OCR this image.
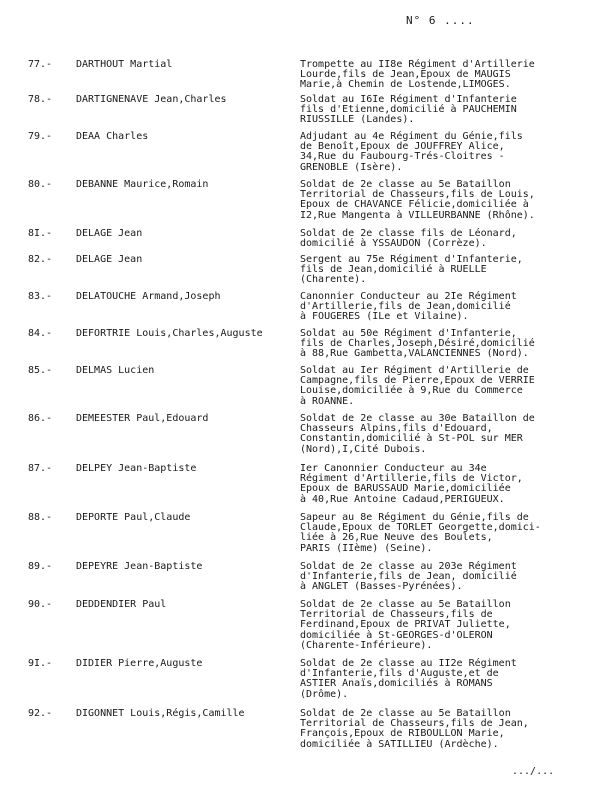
N° 6 ....
77.-	DARTHOUT Martial	Trompette au II8e Régiment d'Artillerie
Lourde,fils de Jean,Epoux de MAUGIS
Marie,à Chemin de Lostende,LIMOGES.
78.-	DARTIGNENAVE Jean,Charles	Soldat au I6Ie Régiment d'Infanterie
fils d'Etienne,domicilié à PAUCHEMIN
RIUSSILLE (Landes).
79.-	DEAA Charles	Adjudant au 4e Régiment du Génie,fils
de Benoît,Epoux de JOUFFREY Alice,
34,Rue du Faubourg-Trés-Cloitres -
GRENOBLE (Isère).
80.-	DEBANNE Maurice,Romain	Soldat de 2e classe au 5e Bataillon
Territorial de Chasseurs,fils de Louis,
Epoux de CHAVANCE Félicie,domiciliée à
I2,Rue Mangenta à VILLEURBANNE (Rhône).
8I.-	DELAGE Jean	Soldat de 2e classe fils de Léonard,
domicilié à YSSAUDON (Corrèze).
82.-	DELAGE Jean	Sergent au 75e Régiment d'Infanterie,
fils de Jean,domicilié à RUELLE
(Charente).
83.-	DELATOUCHE Armand,Joseph	Canonnier Conducteur au 2Ie Régiment
d'Artillerie,fils de Jean,domicilié
à FOUGERES (ILe et Vilaine).
84.-	DEFORTRIE Louis,Charles,Auguste	Soldat au 50e Régiment d'Infanterie,
fils de Charles,Joseph,Désiré,domicilié
à 88,Rue Gambetta,VALANCIENNES (Nord).
85.-	DELMAS Lucien	Soldat au Ier Régiment d'Artillerie de
Campagne,fils de Pierre,Epoux de VERRIE
Louise,domiciliée à 9,Rue du Commerce
à ROANNE.
86.-	DEMEESTER Paul,Edouard	Soldat de 2e classe au 30e Bataillon de
Chasseurs Alpins,fils d'Edouard,
Constantin,domicilié à St-POL sur MER
(Nord),I,Cité Dubois.
87.-	DELPEY Jean-Baptiste	Ier Canonnier Conducteur au 34e
Régiment d'Artillerie,fils de Victor,
Epoux de BARUSSAUD Marie,domiciliée
à 40,Rue Antoine Cadaud,PERIGUEUX.
88.-	DEPORTE Paul,Claude	Sapeur au 8e Régiment du Génie,fils de
Claude,Epoux de TORLET Georgette,domici-
liée à 26,Rue Neuve des Boulets,
PARIS (IIème) (Seine).
89.-	DEPEYRE Jean-Baptiste	Soldat de 2e classe au 203e Régiment
d'Infanterie,fils de Jean, domicilié
à ANGLET (Basses-Pyrénées).
90.-	DEDDENDIER Paul	Soldat de 2e classe au 5e Bataillon
Territorial de Chasseurs,fils de
Ferdinand,Epoux de PRIVAT Juliette,
domiciliée à St-GEORGES-d'OLERON
(Charente-Inférieure).
9I.-	DIDIER Pierre,Auguste	Soldat de 2e classe au II2e Régiment
d'Infanterie,fils d'Auguste,et de
ASTIER Anaïs,domiciliés à ROMANS
(Drôme).
92.-	DIGONNET Louis,Régis,Camille	Soldat de 2e classe au 5e Bataillon
Territorial de Chasseurs,fils de Jean,
François,Epoux de RIBOULLON Marie,
domiciliée à SATILLIEU (Ardèche).
.../...
